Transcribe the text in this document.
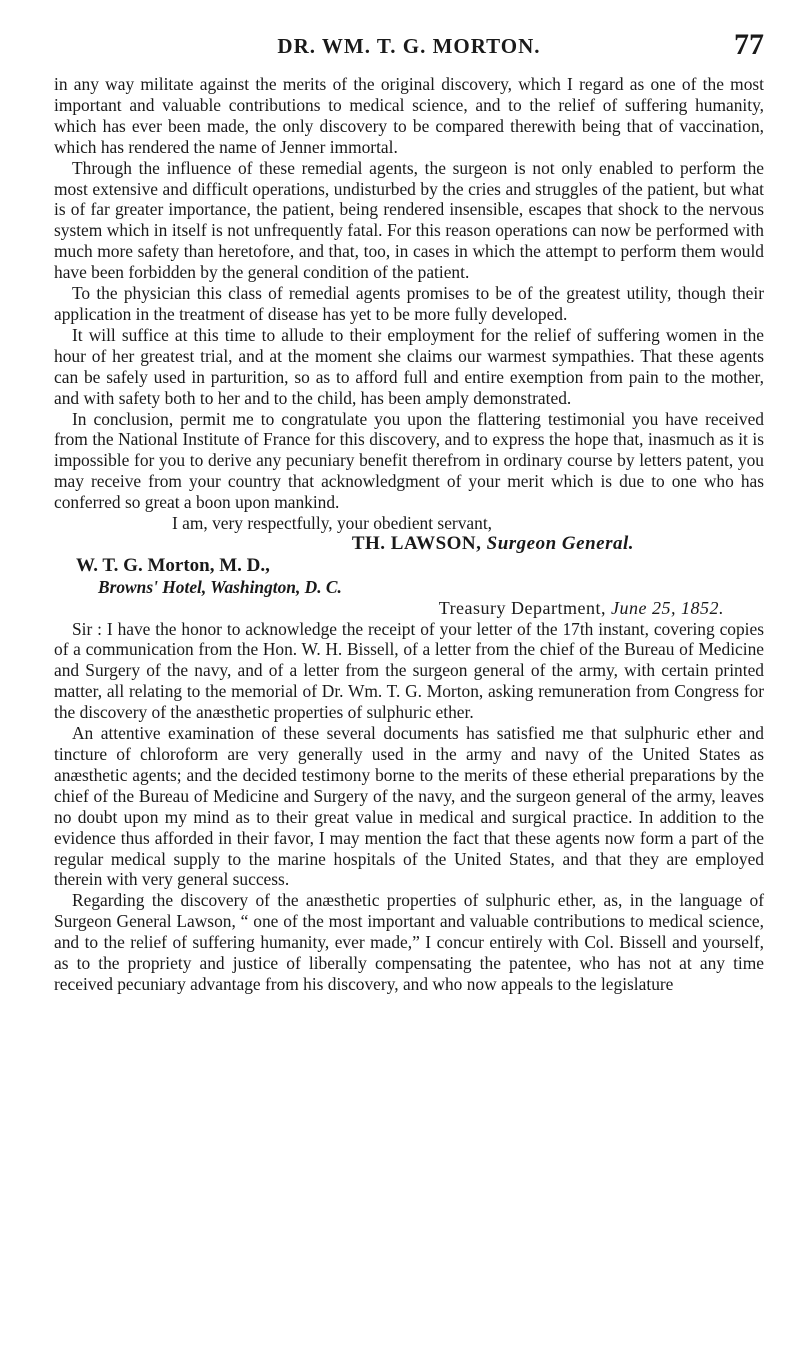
DR. WM. T. G. MORTON.	77

in any way militate against the merits of the original discovery, which I regard as one of the most important and valuable contributions to medical science, and to the relief of suffering humanity, which has ever been made, the only discovery to be compared therewith being that of vaccination, which has rendered the name of Jenner immortal.

Through the influence of these remedial agents, the surgeon is not only enabled to perform the most extensive and difficult operations, undisturbed by the cries and struggles of the patient, but what is of far greater importance, the patient, being rendered insensible, escapes that shock to the nervous system which in itself is not unfrequently fatal. For this reason operations can now be performed with much more safety than heretofore, and that, too, in cases in which the attempt to perform them would have been forbidden by the general condition of the patient.

To the physician this class of remedial agents promises to be of the greatest utility, though their application in the treatment of disease has yet to be more fully developed.

It will suffice at this time to allude to their employment for the relief of suffering women in the hour of her greatest trial, and at the moment she claims our warmest sympathies. That these agents can be safely used in parturition, so as to afford full and entire exemption from pain to the mother, and with safety both to her and to the child, has been amply demonstrated.

In conclusion, permit me to congratulate you upon the flattering testimonial you have received from the National Institute of France for this discovery, and to express the hope that, inasmuch as it is impossible for you to derive any pecuniary benefit therefrom in ordinary course by letters patent, you may receive from your country that acknowledgment of your merit which is due to one who has conferred so great a boon upon mankind.

I am, very respectfully, your obedient servant,

TH. LAWSON, Surgeon General.

W. T. G. Morton, M. D.,

Browns' Hotel, Washington, D. C.

Treasury Department, June 25, 1852.

Sir : I have the honor to acknowledge the receipt of your letter of the 17th instant, covering copies of a communication from the Hon. W. H. Bissell, of a letter from the chief of the Bureau of Medicine and Surgery of the navy, and of a letter from the surgeon general of the army, with certain printed matter, all relating to the memorial of Dr. Wm. T. G. Morton, asking remuneration from Congress for the discovery of the anæsthetic properties of sulphuric ether.

An attentive examination of these several documents has satisfied me that sulphuric ether and tincture of chloroform are very generally used in the army and navy of the United States as anæsthetic agents; and the decided testimony borne to the merits of these etherial preparations by the chief of the Bureau of Medicine and Surgery of the navy, and the surgeon general of the army, leaves no doubt upon my mind as to their great value in medical and surgical practice. In addition to the evidence thus afforded in their favor, I may mention the fact that these agents now form a part of the regular medical supply to the marine hospitals of the United States, and that they are employed therein with very general success.

Regarding the discovery of the anæsthetic properties of sulphuric ether, as, in the language of Surgeon General Lawson, “ one of the most important and valuable contributions to medical science, and to the relief of suffering humanity, ever made,” I concur entirely with Col. Bissell and yourself, as to the propriety and justice of liberally compensating the patentee, who has not at any time received pecuniary advantage from his discovery, and who now appeals to the legislature
